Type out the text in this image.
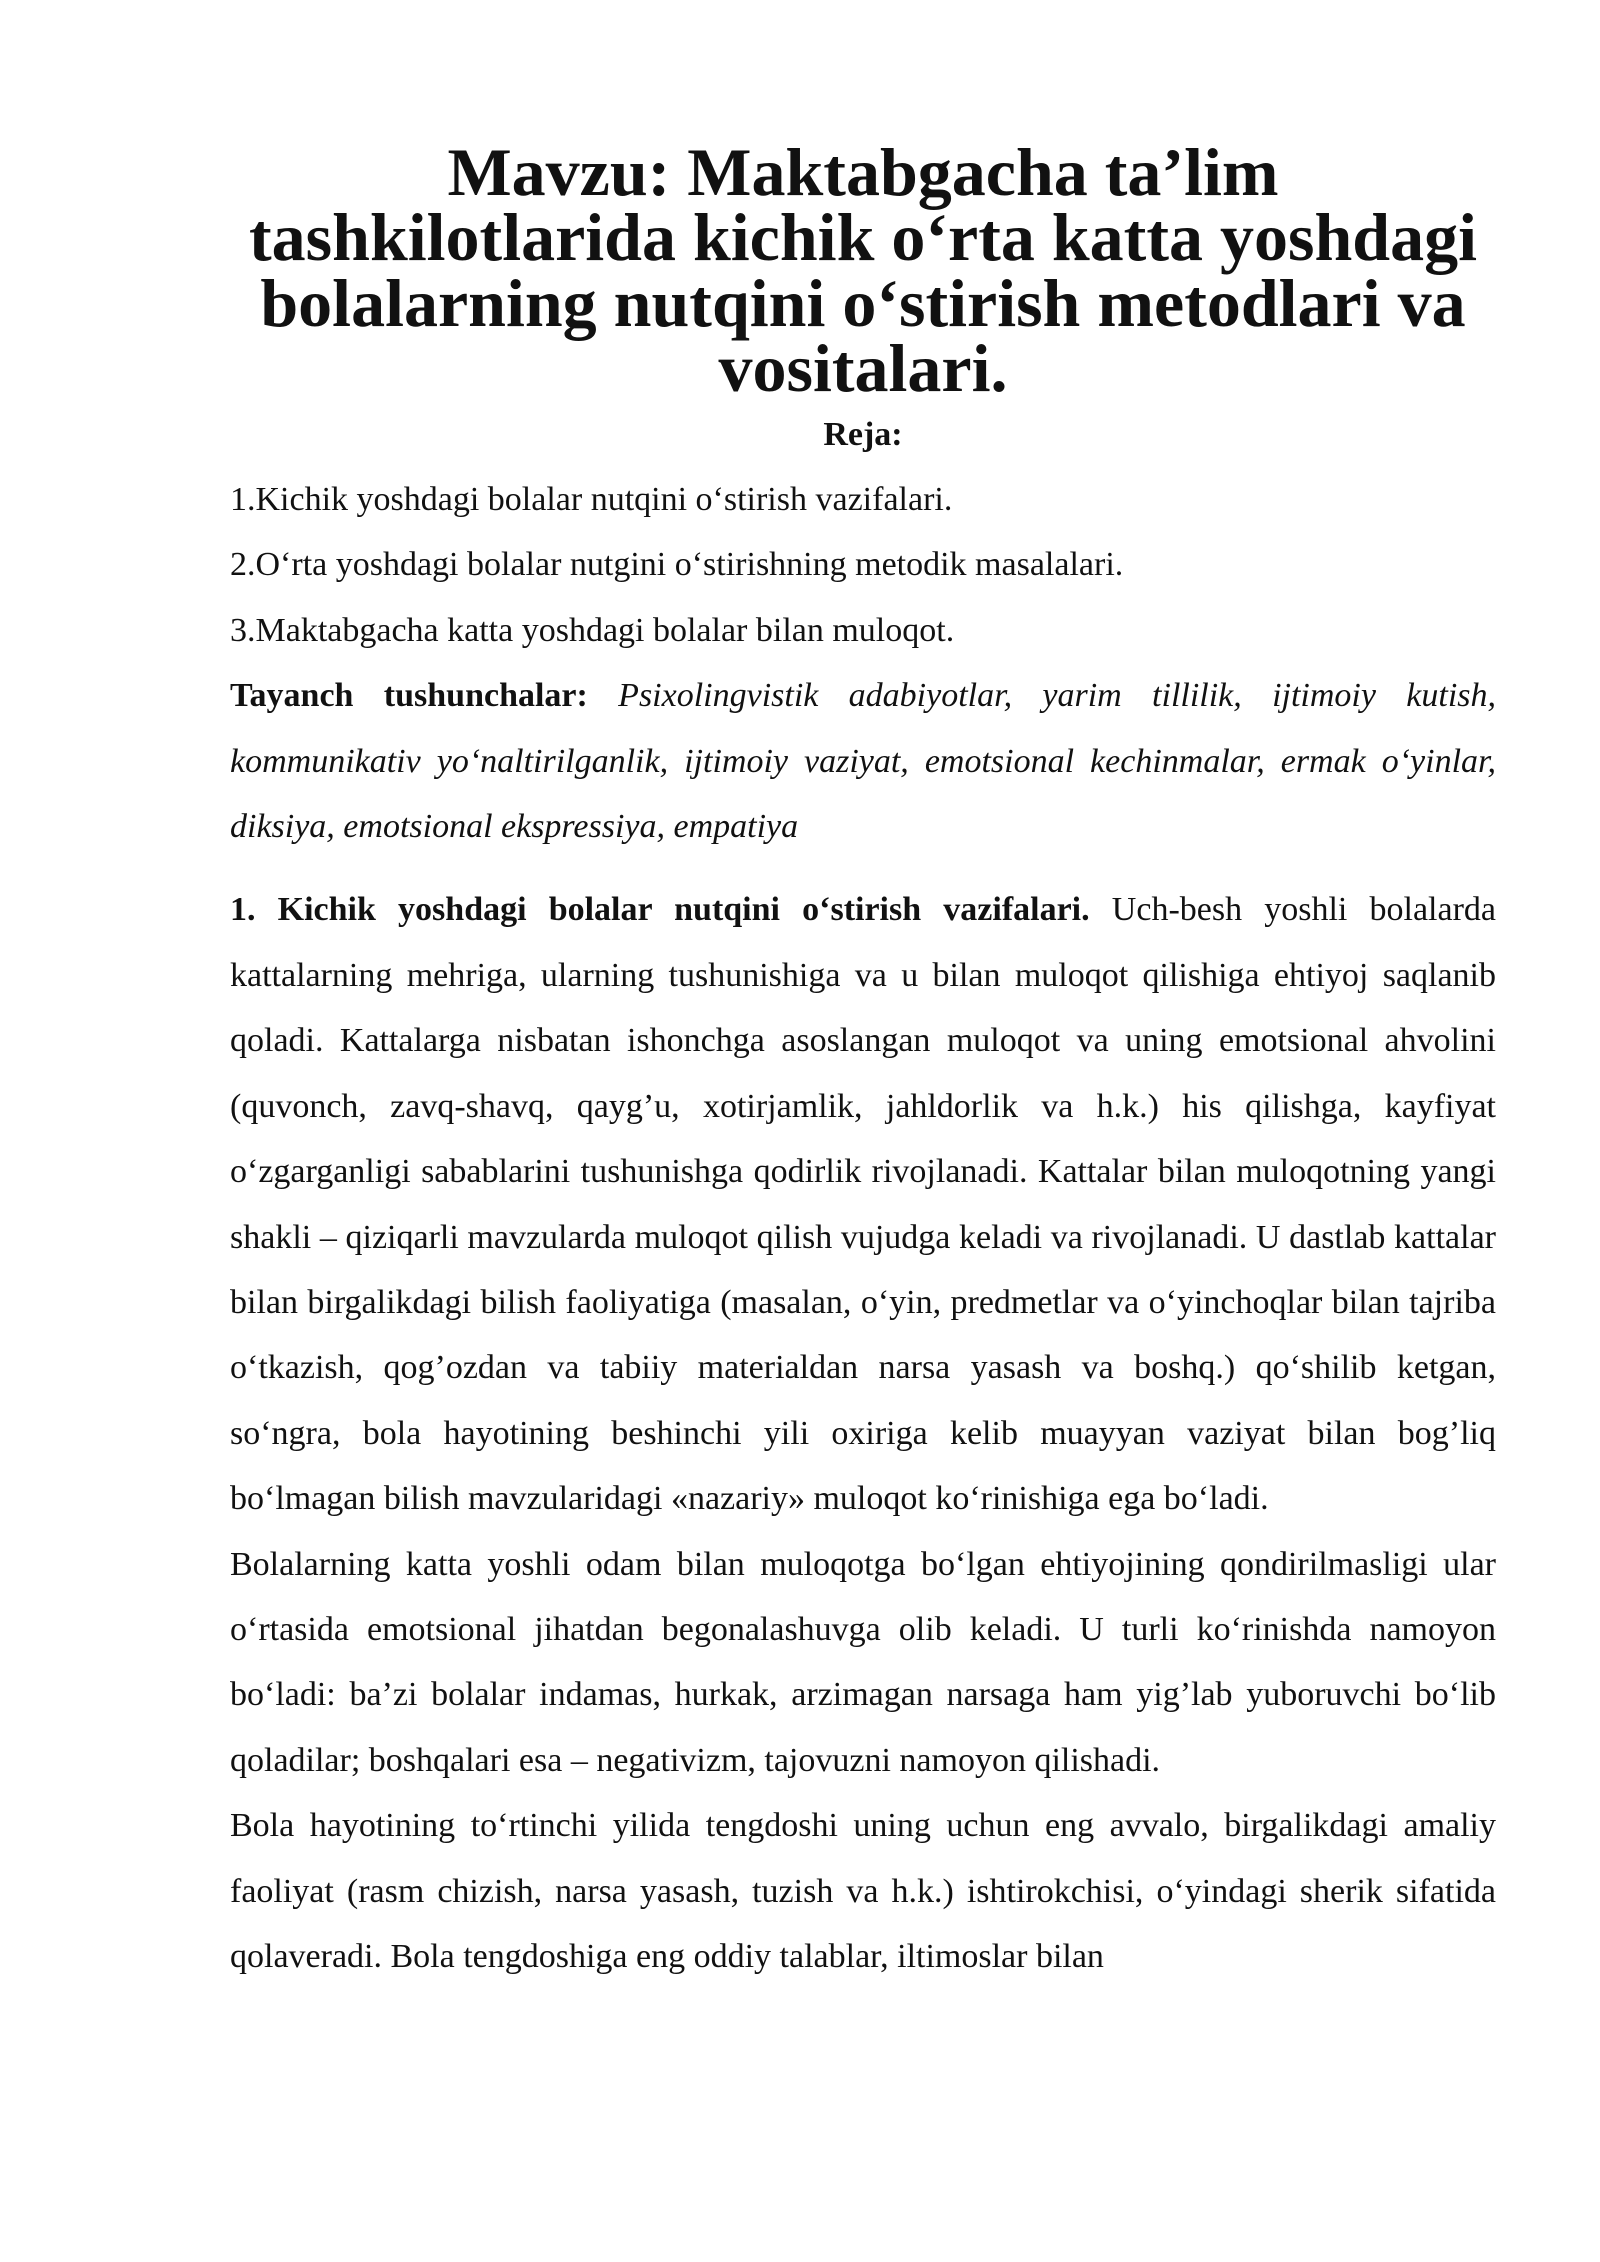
Mavzu: Maktabgacha ta’lim tashkilotlarida kichik o‘rta katta yoshdagi
bolalarning nutqini o‘stirish metodlari va vositalari.

Reja:

1.Kichik yoshdagi bolalar nutqini o‘stirish vazifalari.
2.O‘rta yoshdagi bolalar nutgini o‘stirishning metodik masalalari.
3.Maktabgacha katta yoshdagi bolalar bilan muloqot.

Tayanch tushunchalar: Psixolingvistik adabiyotlar, yarim tillilik, ijtimoiy kutish, kommunikativ yo‘naltirilganlik, ijtimoiy vaziyat, emotsional kechinmalar, ermak o‘yinlar, diksiya, emotsional ekspressiya, empatiya

1. Kichik yoshdagi bolalar nutqini o‘stirish vazifalari. Uch-besh yoshli bolalarda kattalarning mehriga, ularning tushunishiga va u bilan muloqot qilishiga ehtiyoj saqlanib qoladi. Kattalarga nisbatan ishonchga asoslangan muloqot va uning emotsional ahvolini (quvonch, zavq-shavq, qayg’u, xotirjamlik, jahldorlik va h.k.) his qilishga, kayfiyat o‘zgarganligi sabablarini tushunishga qodirlik rivojlanadi. Kattalar bilan muloqotning yangi shakli – qiziqarli mavzularda muloqot qilish vujudga keladi va rivojlanadi. U dastlab kattalar bilan birgalikdagi bilish faoliyatiga (masalan, o‘yin, predmetlar va o‘yinchoqlar bilan tajriba o‘tkazish, qog’ozdan va tabiiy materialdan narsa yasash va boshq.) qo‘shilib ketgan, so‘ngra, bola hayotining beshinchi yili oxiriga kelib muayyan vaziyat bilan bog’liq bo‘lmagan bilish mavzularidagi «nazariy» muloqot ko‘rinishiga ega bo‘ladi.

Bolalarning katta yoshli odam bilan muloqotga bo‘lgan ehtiyojining qondirilmasligi ular o‘rtasida emotsional jihatdan begonalashuvga olib keladi. U turli ko‘rinishda namoyon bo‘ladi: ba’zi bolalar indamas, hurkak, arzimagan narsaga ham yig’lab yuboruvchi bo‘lib qoladilar; boshqalari esa – negativizm, tajovuzni namoyon qilishadi.

Bola hayotining to‘rtinchi yilida tengdoshi uning uchun eng avvalo, birgalikdagi amaliy faoliyat (rasm chizish, narsa yasash, tuzish va h.k.) ishtirokchisi, o‘yindagi sherik sifatida qolaveradi. Bola tengdoshiga eng oddiy talablar, iltimoslar bilan
